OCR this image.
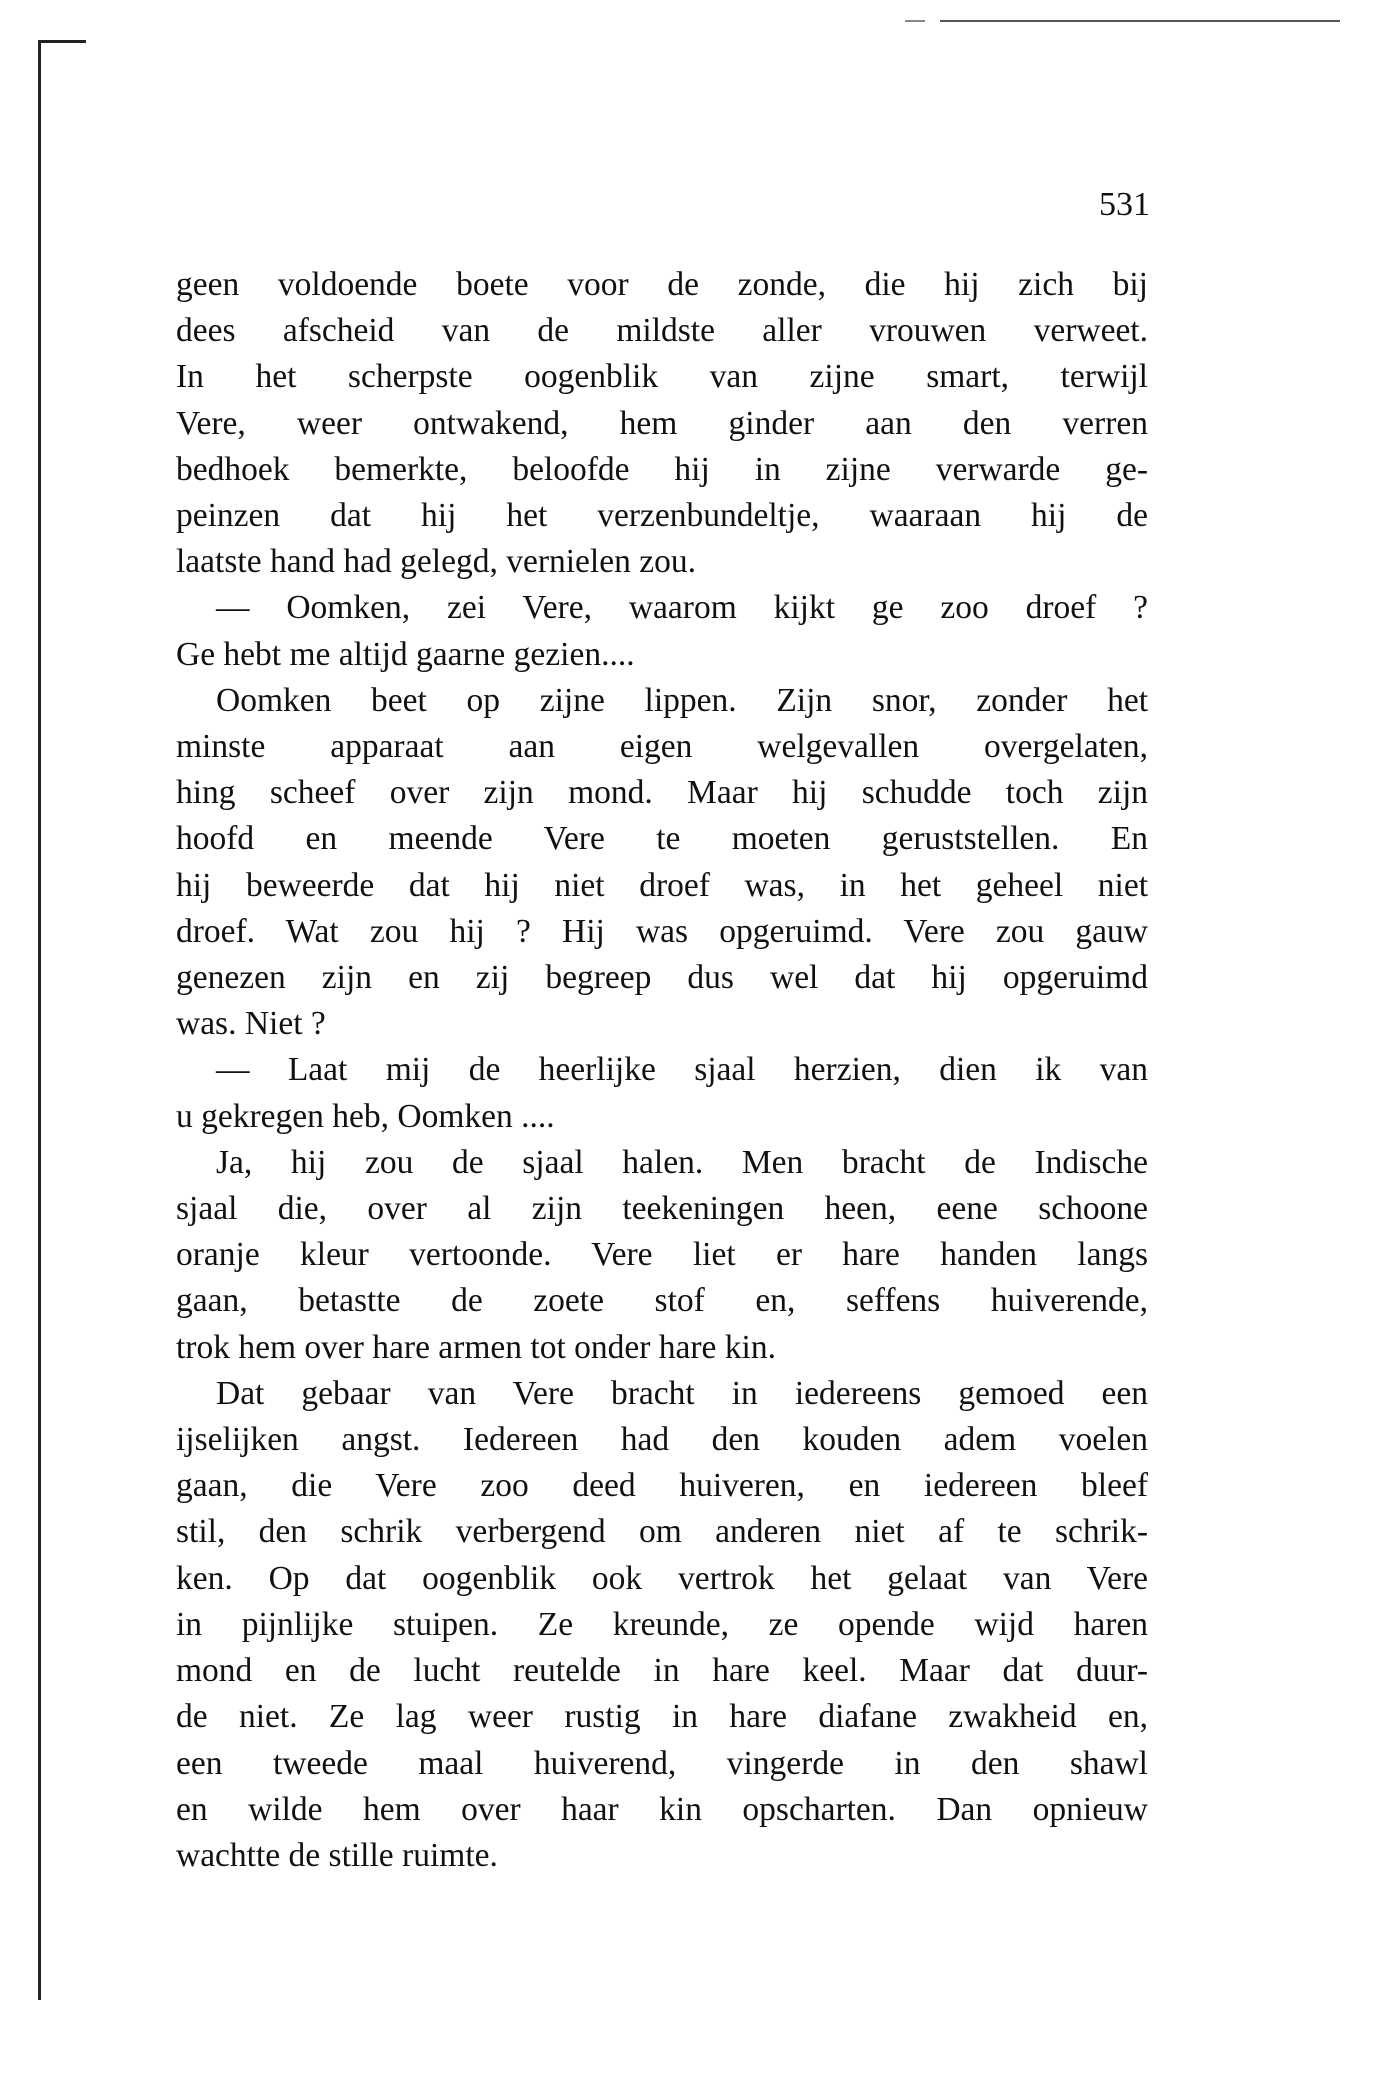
531
geen voldoende boete voor de zonde, die hij zich bij
dees afscheid van de mildste aller vrouwen verweet.
In het scherpste oogenblik van zijne smart, terwijl
Vere, weer ontwakend, hem ginder aan den verren
bedhoek bemerkte, beloofde hij in zijne verwarde ge-
peinzen dat hij het verzenbundeltje, waaraan hij de
laatste hand had gelegd, vernielen zou.
— Oomken, zei Vere, waarom kijkt ge zoo droef ?
Ge hebt me altijd gaarne gezien....
Oomken beet op zijne lippen. Zijn snor, zonder het
minste apparaat aan eigen welgevallen overgelaten,
hing scheef over zijn mond. Maar hij schudde toch zijn
hoofd en meende Vere te moeten geruststellen. En
hij beweerde dat hij niet droef was, in het geheel niet
droef. Wat zou hij ? Hij was opgeruimd. Vere zou gauw
genezen zijn en zij begreep dus wel dat hij opgeruimd
was. Niet ?
— Laat mij de heerlijke sjaal herzien, dien ik van
u gekregen heb, Oomken ....
Ja, hij zou de sjaal halen. Men bracht de Indische
sjaal die, over al zijn teekeningen heen, eene schoone
oranje kleur vertoonde. Vere liet er hare handen langs
gaan, betastte de zoete stof en, seffens huiverende,
trok hem over hare armen tot onder hare kin.
Dat gebaar van Vere bracht in iedereens gemoed een
ijselijken angst. Iedereen had den kouden adem voelen
gaan, die Vere zoo deed huiveren, en iedereen bleef
stil, den schrik verbergend om anderen niet af te schrik-
ken. Op dat oogenblik ook vertrok het gelaat van Vere
in pijnlijke stuipen. Ze kreunde, ze opende wijd haren
mond en de lucht reutelde in hare keel. Maar dat duur-
de niet. Ze lag weer rustig in hare diafane zwakheid en,
een tweede maal huiverend, vingerde in den shawl
en wilde hem over haar kin opscharten. Dan opnieuw
wachtte de stille ruimte.
